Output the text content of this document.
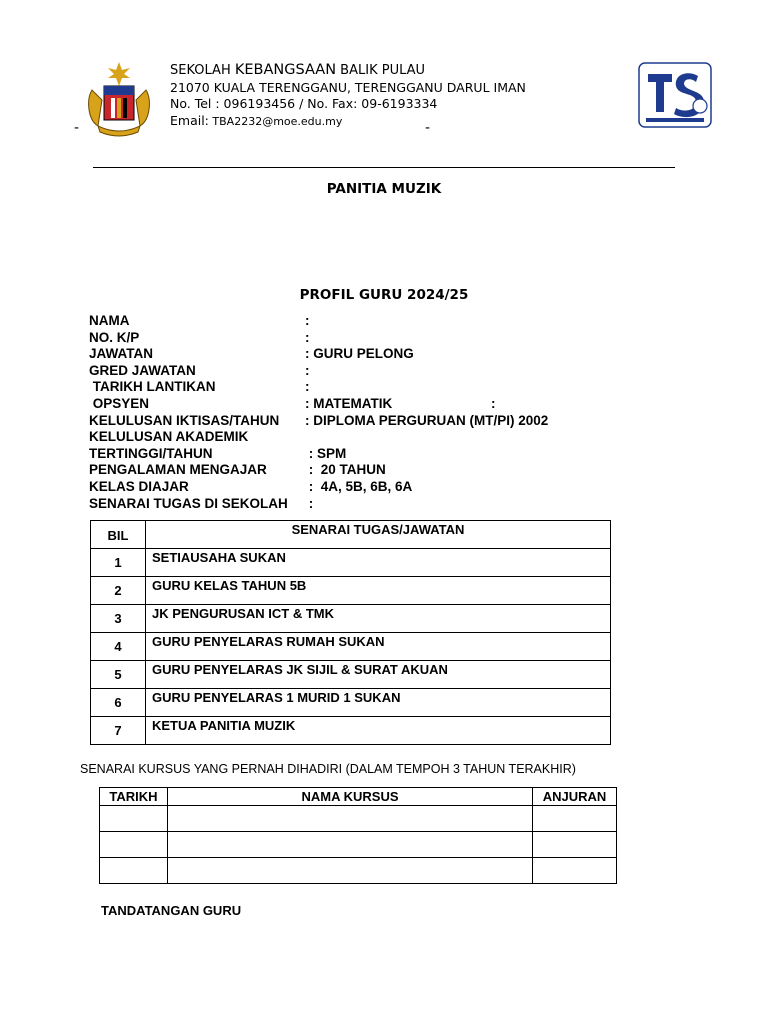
SEKOLAH KEBANGSAAN BALIK PULAU
21070 KUALA TERENGGANU, TERENGGANU DARUL IMAN
No. Tel : 096193456 / No. Fax: 09-6193334
Email: TBA2232@moe.edu.my
-	-
PANITIA MUZIK
PROFIL GURU 2024/25
NAMA	:
NO. K/P	:
JAWATAN	: GURU PELONG
GRED JAWATAN	:
TARIKH LANTIKAN	:
OPSYEN	: MATEMATIK	:
KELULUSAN IKTISAS/TAHUN : DIPLOMA PERGURUAN (MT/PI) 2002
KELULUSAN AKADEMIK
TERTINGGI/TAHUN	: SPM
PENGALAMAN MENGAJAR	:  20 TAHUN
KELAS DIAJAR	:  4A, 5B, 6B, 6A
SENARAI TUGAS DI SEKOLAH :
BIL	SENARAI TUGAS/JAWATAN
1	SETIAUSAHA SUKAN
2	GURU KELAS TAHUN 5B
3	JK PENGURUSAN ICT & TMK
4	GURU PENYELARAS RUMAH SUKAN
5	GURU PENYELARAS JK SIJIL & SURAT AKUAN
6	GURU PENYELARAS 1 MURID 1 SUKAN
7	KETUA PANITIA MUZIK
SENARAI KURSUS YANG PERNAH DIHADIRI (DALAM TEMPOH 3 TAHUN TERAKHIR)
TARIKH	NAMA KURSUS	ANJURAN

TANDATANGAN GURU
